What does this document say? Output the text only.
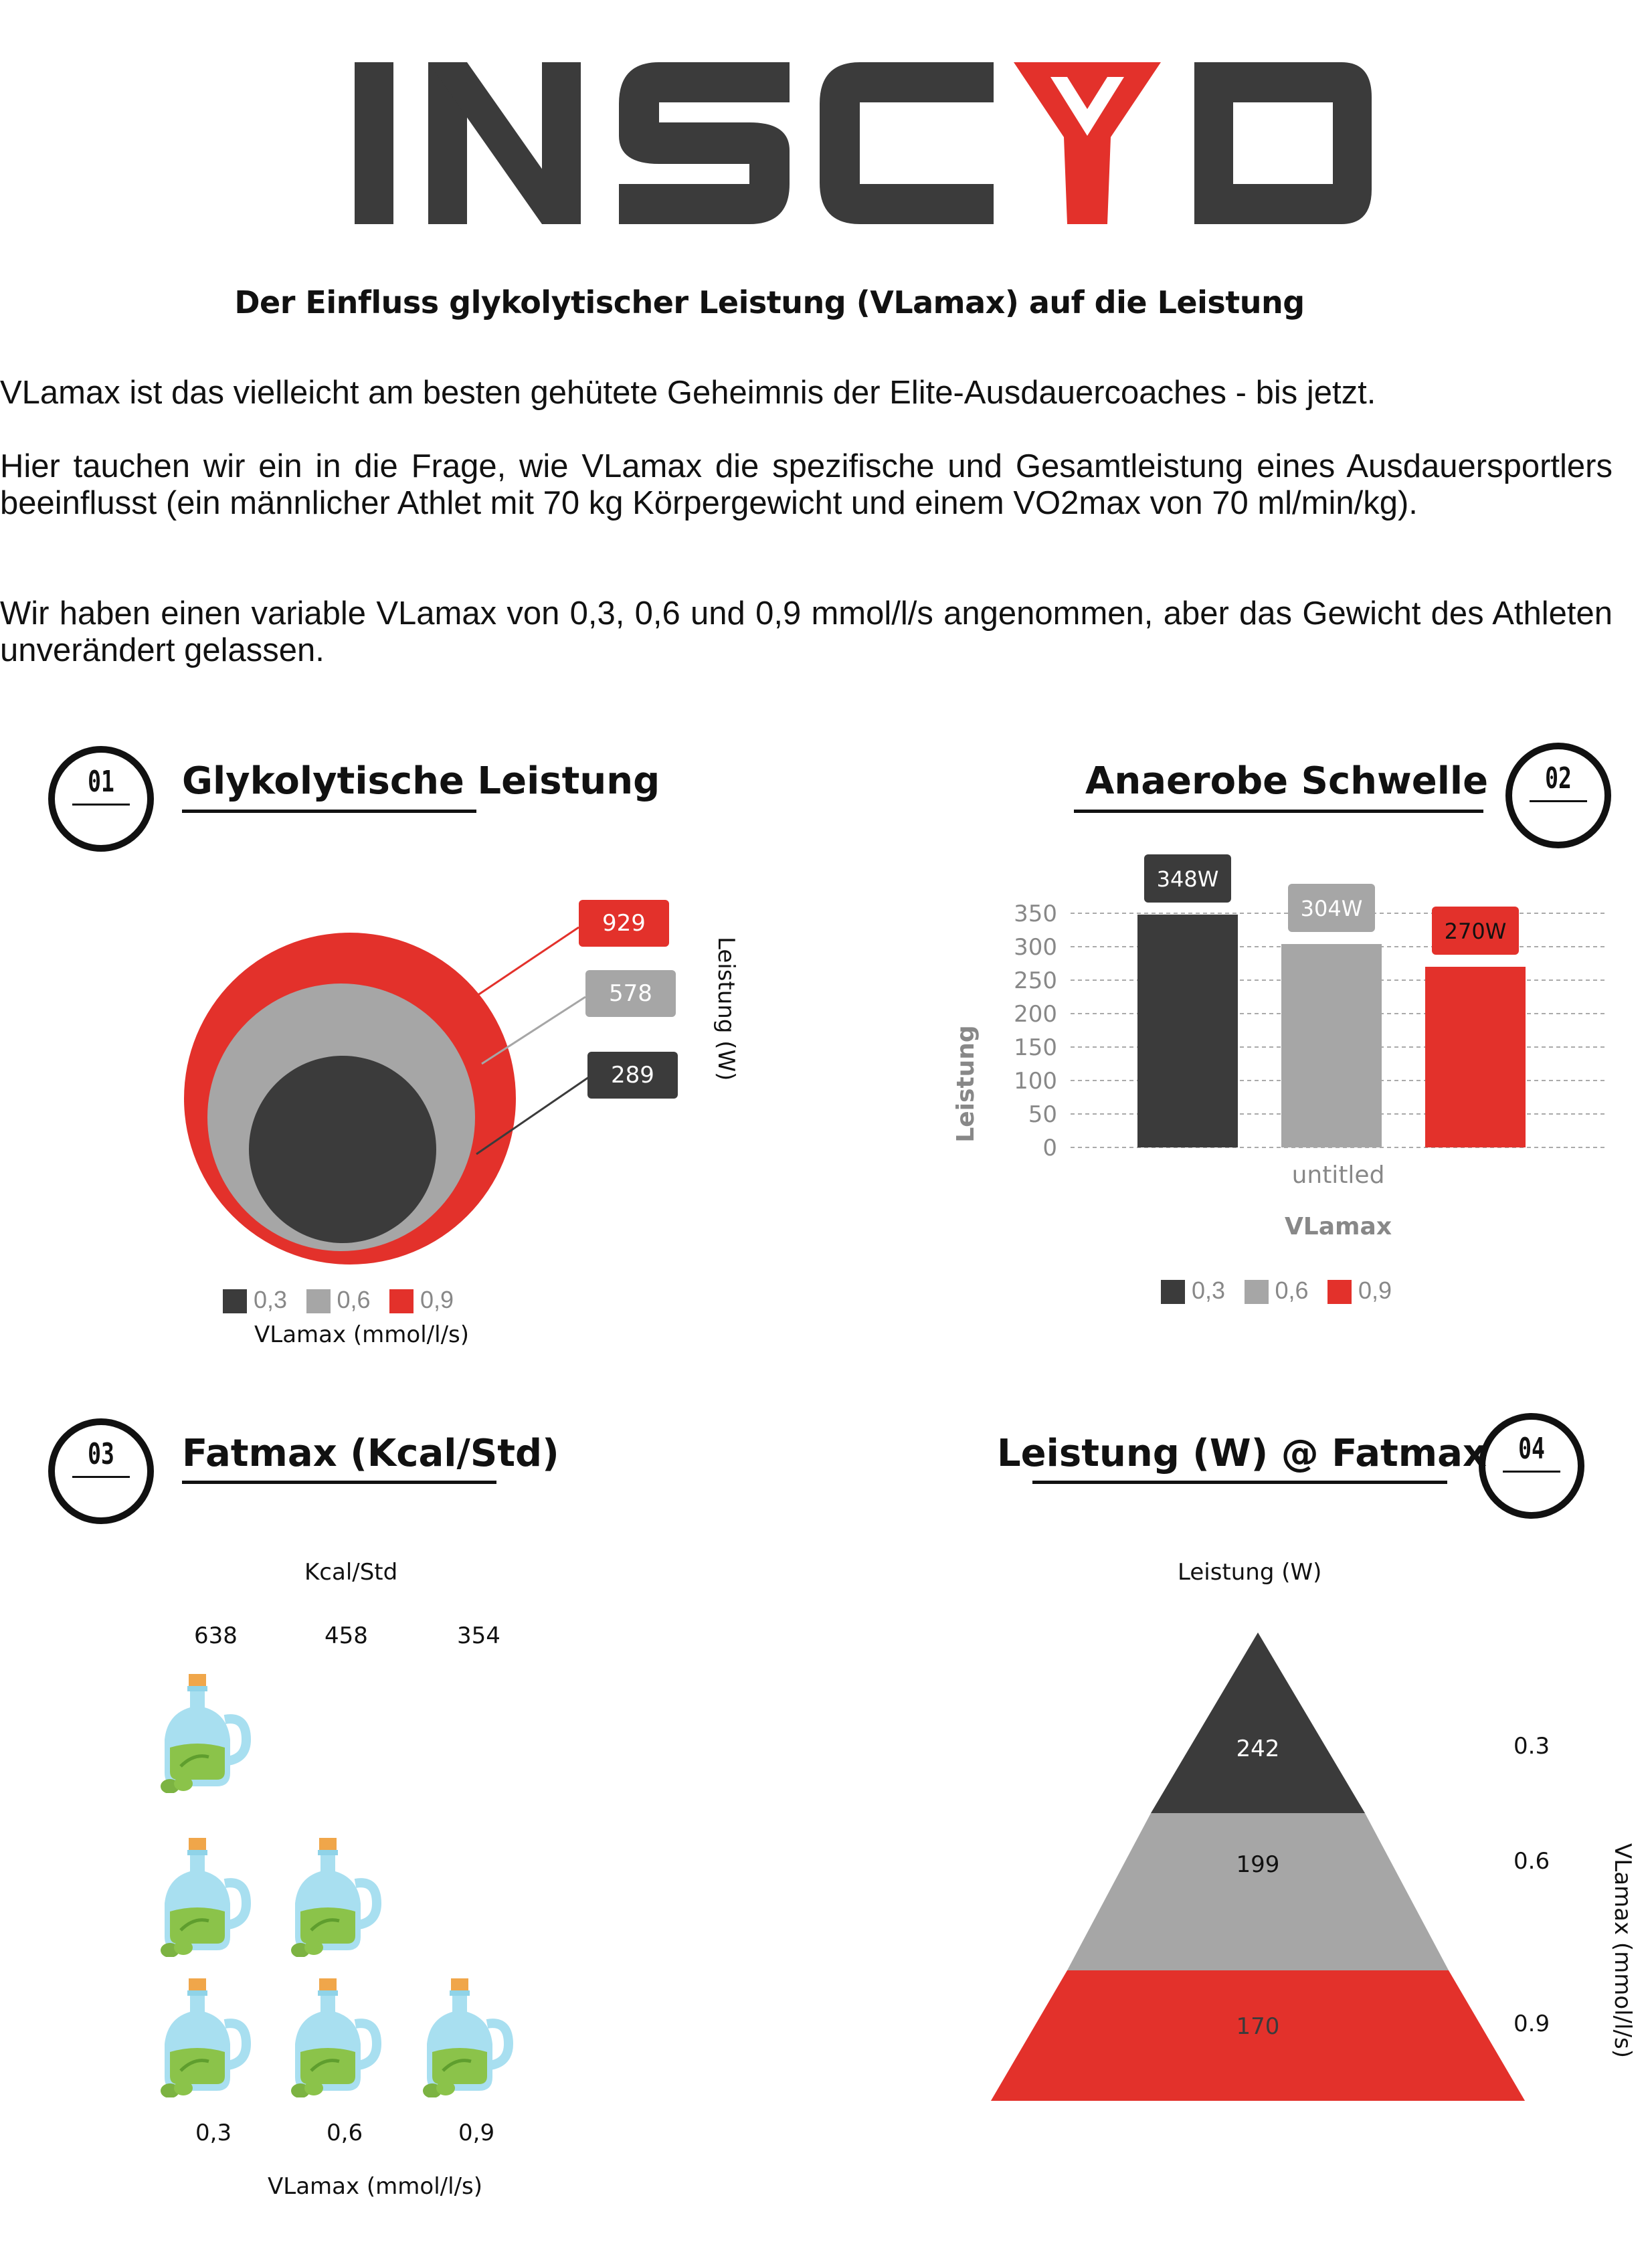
Der Einfluss glykolytischer Leistung (VLamax) auf die Leistung
VLamax ist das vielleicht am besten gehütete Geheimnis der Elite-Ausdauercoaches - bis jetzt.
Hier tauchen wir ein in die Frage, wie VLamax die spezifische und Gesamtleistung eines Ausdauersportlers beeinflusst (ein männlicher Athlet mit 70 kg Körpergewicht und einem VO2max von 70 ml/min/kg).
Wir haben einen variable VLamax von 0,3, 0,6 und 0,9 mmol/l/s angenommen, aber das Gewicht des Athleten unverändert gelassen.
01	Glykolytische Leistung
929
578
289	Leistung (W)
0,3 0,6 0,9
VLamax (mmol/l/s)
Anaerobe Schwelle	02
0
50
100
150
200
250
300
350
348W
304W
270W
untitled
VLamax
Leistung
0,3 0,6 0,9
03	Fatmax (Kcal/Std)
Kcal/Std
638	458	354
0,3	0,6	0,9
VLamax (mmol/l/s)
Leistung (W) @ Fatmax	04
Leistung (W)
242
199
170
0.3
0.6
0.9	VLamax (mmol/l/s)
